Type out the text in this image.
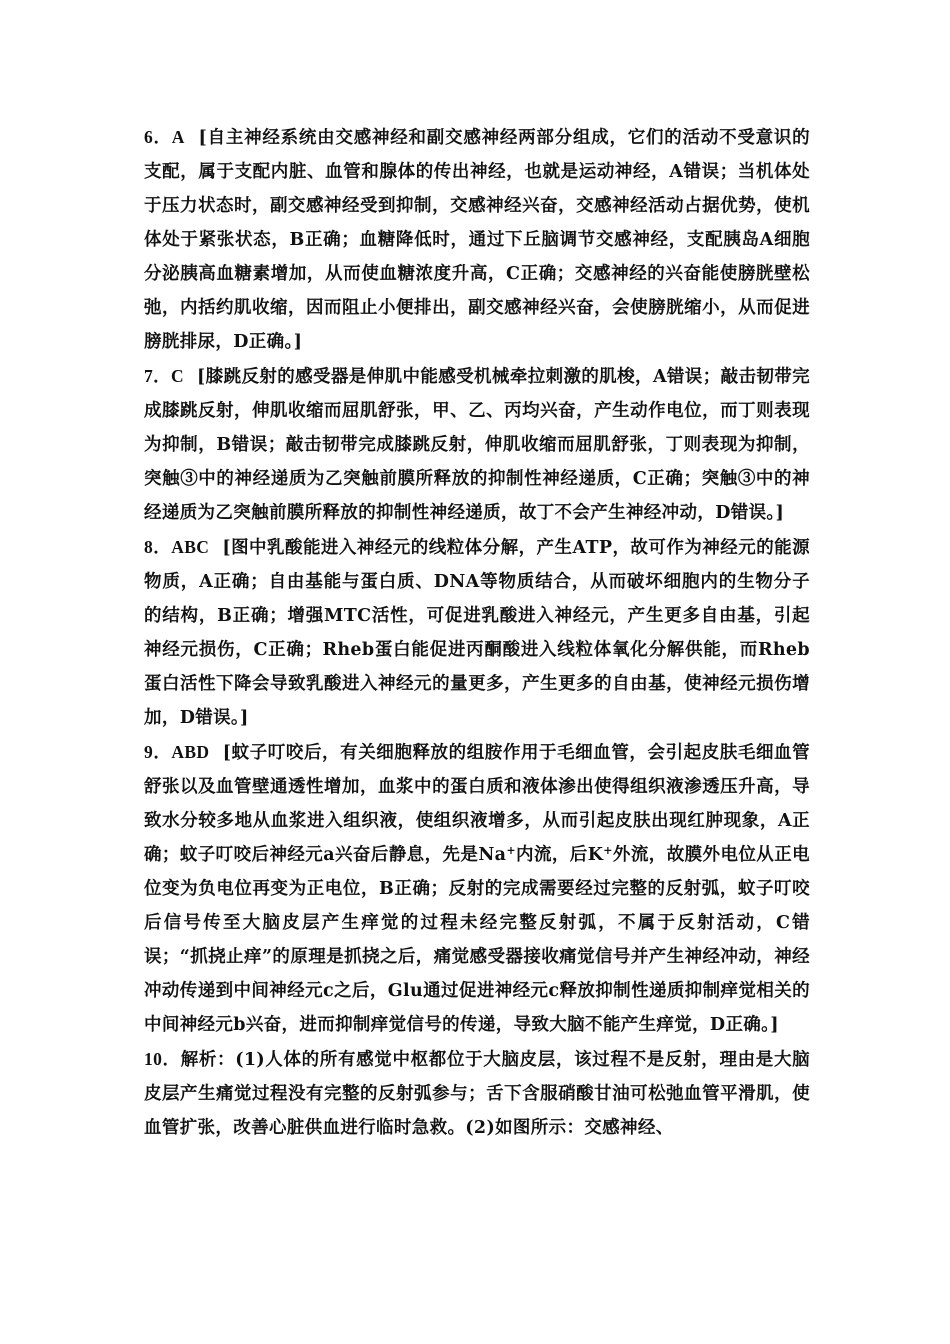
6．A [自主神经系统由交感神经和副交感神经两部分组成，它们的活动不受意识的支配，属于支配内脏、血管和腺体的传出神经，也就是运动神经，A错误；当机体处于压力状态时，副交感神经受到抑制，交感神经兴奋，交感神经活动占据优势，使机体处于紧张状态，B正确；血糖降低时，通过下丘脑调节交感神经，支配胰岛A细胞分泌胰高血糖素增加，从而使血糖浓度升高，C正确；交感神经的兴奋能使膀胱壁松弛，内括约肌收缩，因而阻止小便排出，副交感神经兴奋，会使膀胱缩小，从而促进膀胱排尿，D正确。]

7．C [膝跳反射的感受器是伸肌中能感受机械牵拉刺激的肌梭，A错误；敲击韧带完成膝跳反射，伸肌收缩而屈肌舒张，甲、乙、丙均兴奋，产生动作电位，而丁则表现为抑制，B错误；敲击韧带完成膝跳反射，伸肌收缩而屈肌舒张，丁则表现为抑制，突触③中的神经递质为乙突触前膜所释放的抑制性神经递质，C正确；突触③中的神经递质为乙突触前膜所释放的抑制性神经递质，故丁不会产生神经冲动，D错误。]

8．ABC [图中乳酸能进入神经元的线粒体分解，产生ATP，故可作为神经元的能源物质，A正确；自由基能与蛋白质、DNA等物质结合，从而破坏细胞内的生物分子的结构，B正确；增强MTC活性，可促进乳酸进入神经元，产生更多自由基，引起神经元损伤，C正确；Rheb蛋白能促进丙酮酸进入线粒体氧化分解供能，而Rheb蛋白活性下降会导致乳酸进入神经元的量更多，产生更多的自由基，使神经元损伤增加，D错误。]

9．ABD [蚊子叮咬后，有关细胞释放的组胺作用于毛细血管，会引起皮肤毛细血管舒张以及血管壁通透性增加，血浆中的蛋白质和液体渗出使得组织液渗透压升高，导致水分较多地从血浆进入组织液，使组织液增多，从而引起皮肤出现红肿现象，A正确；蚊子叮咬后神经元a兴奋后静息，先是Na+内流，后K+外流，故膜外电位从正电位变为负电位再变为正电位，B正确；反射的完成需要经过完整的反射弧，蚊子叮咬后信号传至大脑皮层产生痒觉的过程未经完整反射弧，不属于反射活动，C错误；“抓挠止痒”的原理是抓挠之后，痛觉感受器接收痛觉信号并产生神经冲动，神经冲动传递到中间神经元c之后，Glu通过促进神经元c释放抑制性递质抑制痒觉相关的中间神经元b兴奋，进而抑制痒觉信号的传递，导致大脑不能产生痒觉，D正确。]

10．解析：(1)人体的所有感觉中枢都位于大脑皮层，该过程不是反射，理由是大脑皮层产生痛觉过程没有完整的反射弧参与；舌下含服硝酸甘油可松弛血管平滑肌，使血管扩张，改善心脏供血进行临时急救。(2)如图所示：交感神经、
